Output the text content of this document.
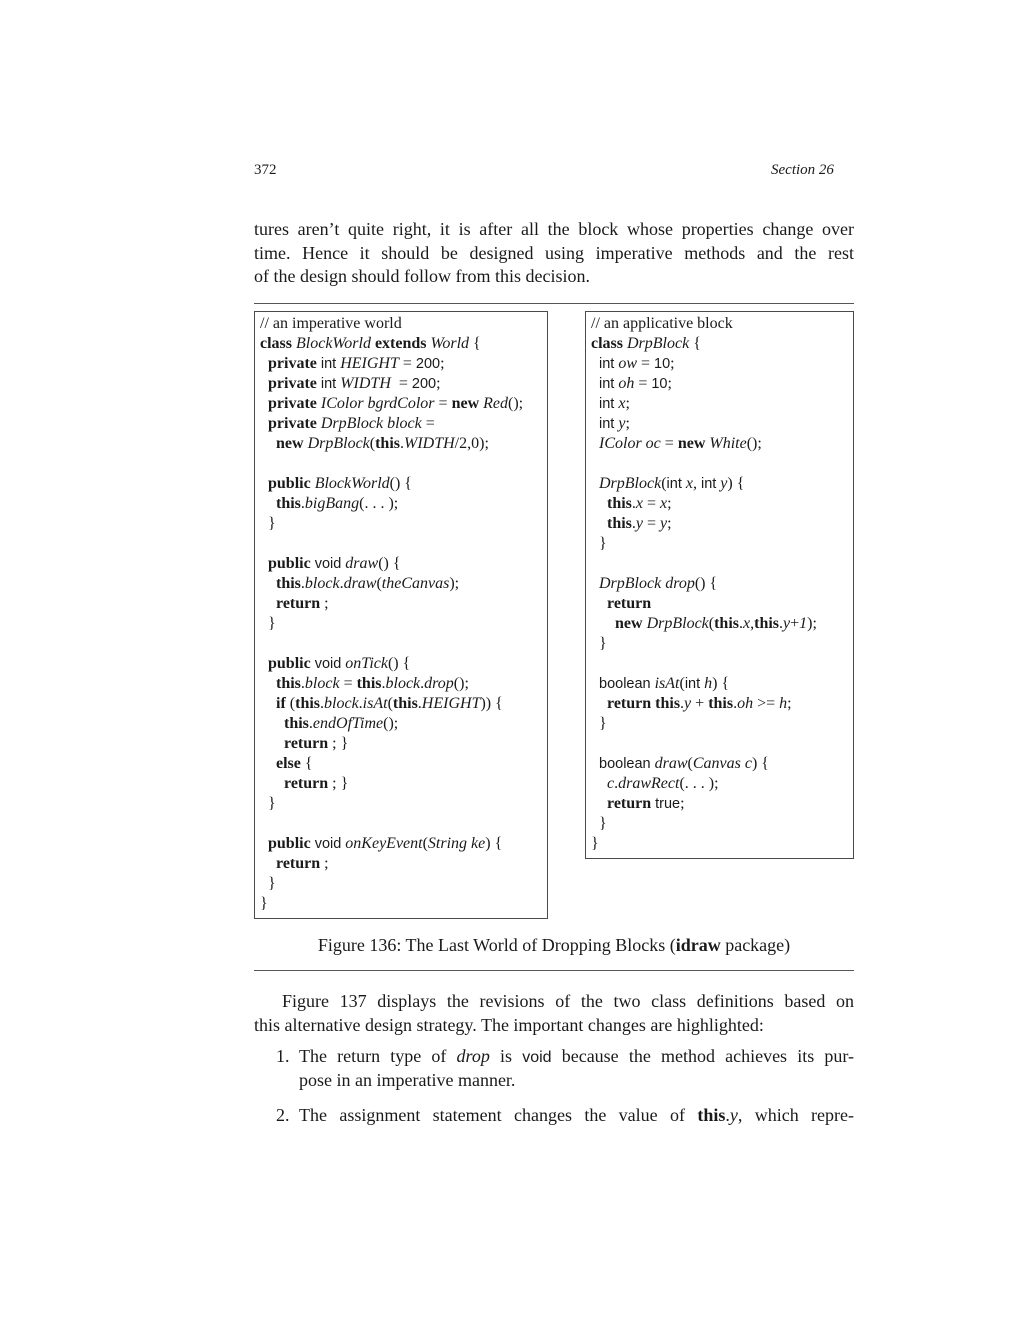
372	Section 26
tures aren’t quite right, it is after all the block whose properties change over
time. Hence it should be designed using imperative methods and the rest
of the design should follow from this decision.
// an imperative world
class BlockWorld extends World {
private int HEIGHT = 200;
private int WIDTH  = 200;
private IColor bgrdColor = new Red();
private DrpBlock block =
new DrpBlock(this.WIDTH/2,0);
public BlockWorld() {
this.bigBang(. . . );
}
public void draw() {
this.block.draw(theCanvas);
return ;
}
public void onTick() {
this.block = this.block.drop();
if (this.block.isAt(this.HEIGHT)) {
this.endOfTime();
return ; }
else {
return ; }
}
public void onKeyEvent(String ke) {
return ;
}
}
// an applicative block
class DrpBlock {
int ow = 10;
int oh = 10;
int x;
int y;
IColor oc = new White();
DrpBlock(int x, int y) {
this.x = x;
this.y = y;
}
DrpBlock drop() {
return
new DrpBlock(this.x,this.y+1);
}
boolean isAt(int h) {
return this.y + this.oh >= h;
}
boolean draw(Canvas c) {
c.drawRect(. . . );
return true;
}
}
Figure 136: The Last World of Dropping Blocks (idraw package)
Figure 137 displays the revisions of the two class definitions based on
this alternative design strategy. The important changes are highlighted:
1. The return type of drop is void because the method achieves its pur-
pose in an imperative manner.
2. The assignment statement changes the value of this.y, which repre-
